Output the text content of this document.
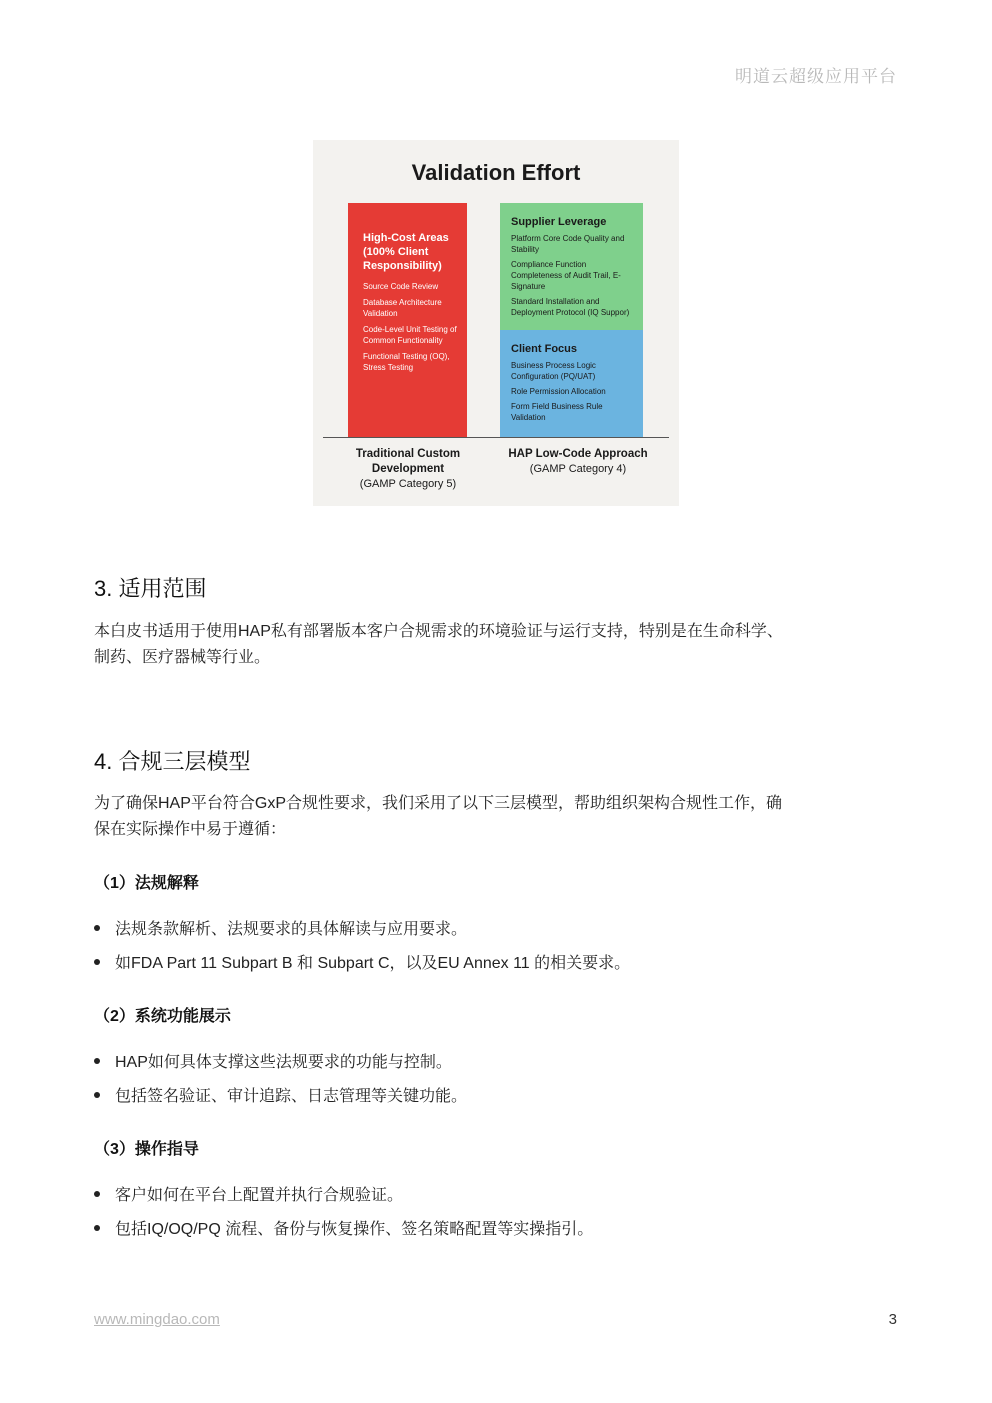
明道云超级应用平台
Validation Effort
High-Cost Areas (100% Client Responsibility)
Source Code Review
Database Architecture Validation
Code-Level Unit Testing of Common Functionality
Functional Testing (OQ), Stress Testing
Supplier Leverage
Platform Core Code Quality and Stability
Compliance Function Completeness of Audit Trail, E-Signature
Standard Installation and Deployment Protocol (IQ Suppor)
Client Focus
Business Process Logic Configuration (PQ/UAT)
Role Permission Allocation
Form Field Business Rule Validation
Traditional Custom Development
(GAMP Category 5)
HAP Low-Code Approach
(GAMP Category 4)
3. 适用范围
本白皮书适用于使用HAP私有部署版本客户合规需求的环境验证与运行支持，特别是在生命科学、
制药、医疗器械等行业。
4. 合规三层模型
为了确保HAP平台符合GxP合规性要求，我们采用了以下三层模型，帮助组织架构合规性工作，确
保在实际操作中易于遵循：
（1）法规解释
法规条款解析、法规要求的具体解读与应用要求。
如FDA Part 11 Subpart B 和 Subpart C，以及EU Annex 11 的相关要求。
（2）系统功能展示
HAP如何具体支撑这些法规要求的功能与控制。
包括签名验证、审计追踪、日志管理等关键功能。
（3）操作指导
客户如何在平台上配置并执行合规验证。
包括IQ/OQ/PQ 流程、备份与恢复操作、签名策略配置等实操指引。
www.mingdao.com	3
